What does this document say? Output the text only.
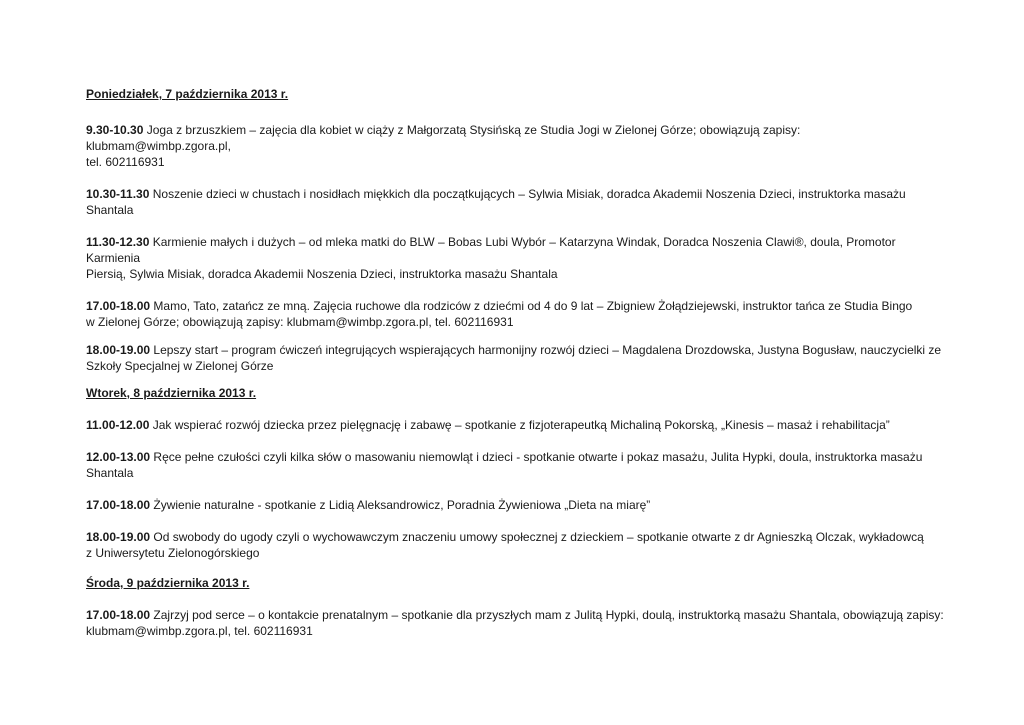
Poniedziałek, 7 października 2013 r.

9.30-10.30 Joga z brzuszkiem – zajęcia dla kobiet w ciąży z Małgorzatą Stysińską ze Studia Jogi w Zielonej Górze; obowiązują zapisy: klubmam@wimbp.zgora.pl,
tel. 602116931

10.30-11.30 Noszenie dzieci w chustach i nosidłach miękkich dla początkujących – Sylwia Misiak, doradca Akademii Noszenia Dzieci, instruktorka masażu Shantala

11.30-12.30 Karmienie małych i dużych – od mleka matki do BLW – Bobas Lubi Wybór – Katarzyna Windak, Doradca Noszenia Clawi®, doula, Promotor Karmienia
Piersią, Sylwia Misiak, doradca Akademii Noszenia Dzieci, instruktorka masażu Shantala

17.00-18.00 Mamo, Tato, zatańcz ze mną. Zajęcia ruchowe dla rodziców z dziećmi od 4 do 9 lat – Zbigniew Żołądziejewski, instruktor tańca ze Studia Bingo
w Zielonej Górze; obowiązują zapisy: klubmam@wimbp.zgora.pl, tel. 602116931

18.00-19.00 Lepszy start – program ćwiczeń integrujących wspierających harmonijny rozwój dzieci – Magdalena Drozdowska, Justyna Bogusław, nauczycielki ze
Szkoły Specjalnej w Zielonej Górze

Wtorek, 8 października 2013 r.

11.00-12.00 Jak wspierać rozwój dziecka przez pielęgnację i zabawę – spotkanie z fizjoterapeutką Michaliną Pokorską, „Kinesis – masaż i rehabilitacja”

12.00-13.00 Ręce pełne czułości czyli kilka słów o masowaniu niemowląt i dzieci - spotkanie otwarte i pokaz masażu, Julita Hypki, doula, instruktorka masażu
Shantala

17.00-18.00 Żywienie naturalne - spotkanie z Lidią Aleksandrowicz, Poradnia Żywieniowa „Dieta na miarę”

18.00-19.00 Od swobody do ugody czyli o wychowawczym znaczeniu umowy społecznej z dzieckiem – spotkanie otwarte z dr Agnieszką Olczak, wykładowcą
z Uniwersytetu Zielonogórskiego

Środa, 9 października 2013 r.

17.00-18.00 Zajrzyj pod serce – o kontakcie prenatalnym – spotkanie dla przyszłych mam z Julitą Hypki, doulą, instruktorką masażu Shantala, obowiązują zapisy:
klubmam@wimbp.zgora.pl, tel. 602116931
